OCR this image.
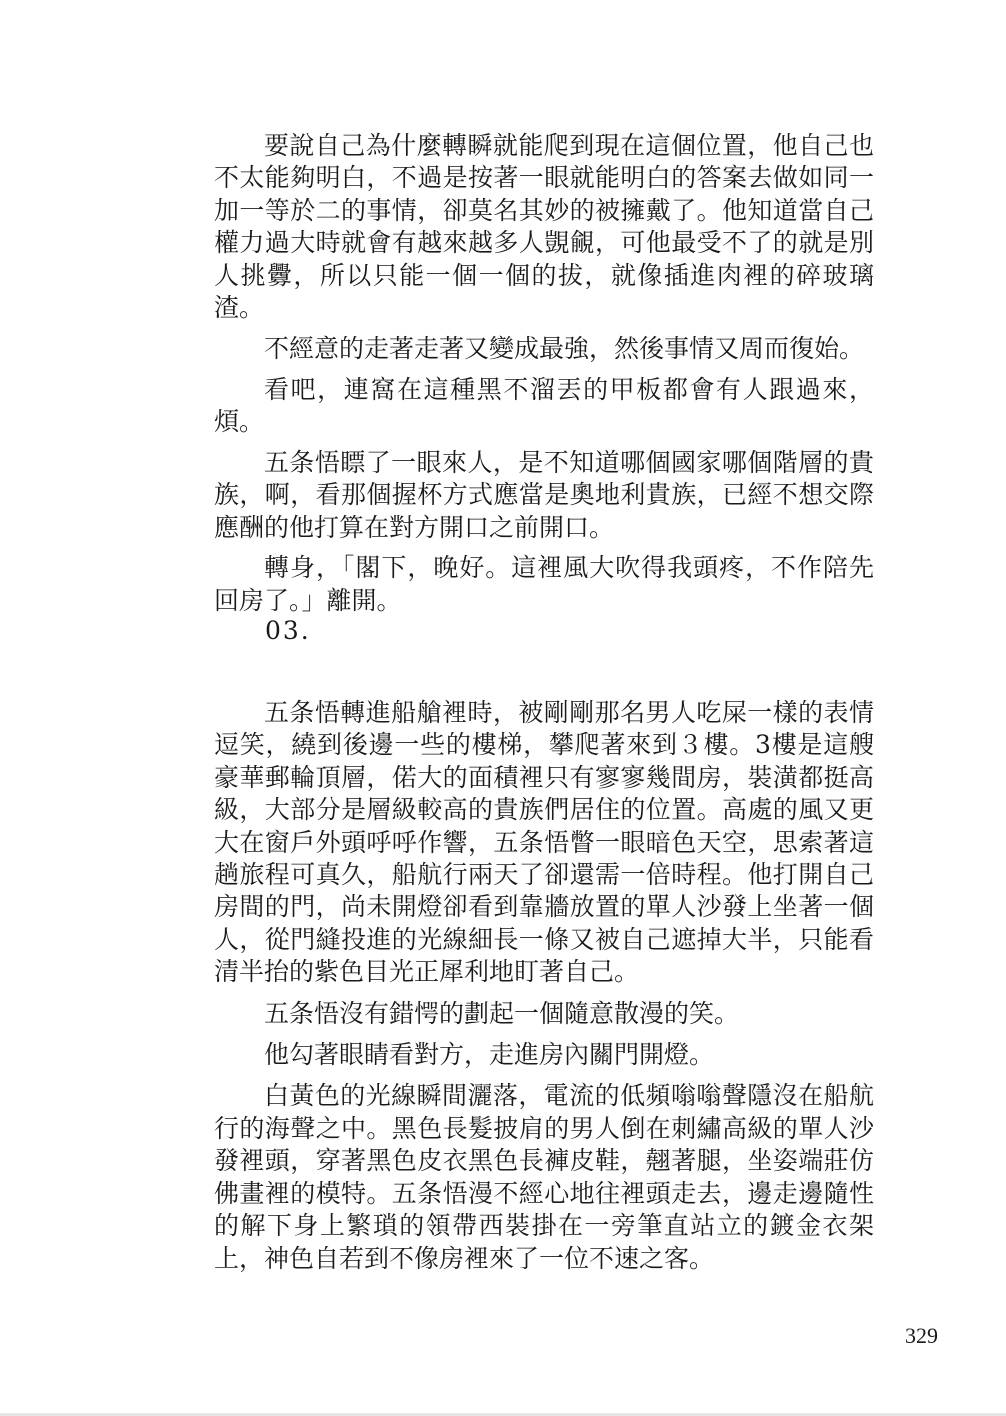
要說自己為什麼轉瞬就能爬到現在這個位置，他自己也不太能夠明白，不過是按著一眼就能明白的答案去做如同一加一等於二的事情，卻莫名其妙的被擁戴了。他知道當自己權力過大時就會有越來越多人覬覦，可他最受不了的就是別人挑釁，所以只能一個一個的拔，就像插進肉裡的碎玻璃渣。

不經意的走著走著又變成最強，然後事情又周而復始。

看吧，連窩在這種黑不溜丟的甲板都會有人跟過來，煩。

五条悟瞟了一眼來人，是不知道哪個國家哪個階層的貴族，啊，看那個握杯方式應當是奧地利貴族，已經不想交際應酬的他打算在對方開口之前開口。

轉身，「閣下，晚好。這裡風大吹得我頭疼，不作陪先回房了。」離開。

03.

五条悟轉進船艙裡時，被剛剛那名男人吃屎一樣的表情逗笑，繞到後邊一些的樓梯，攀爬著來到３樓。3樓是這艘豪華郵輪頂層，偌大的面積裡只有寥寥幾間房，裝潢都挺高級，大部分是層級較高的貴族們居住的位置。高處的風又更大在窗戶外頭呼呼作響，五条悟瞥一眼暗色天空，思索著這趟旅程可真久，船航行兩天了卻還需一倍時程。他打開自己房間的門，尚未開燈卻看到靠牆放置的單人沙發上坐著一個人，從門縫投進的光線細長一條又被自己遮掉大半，只能看清半抬的紫色目光正犀利地盯著自己。

五条悟沒有錯愕的劃起一個隨意散漫的笑。

他勾著眼睛看對方，走進房內關門開燈。

白黃色的光線瞬間灑落，電流的低頻嗡嗡聲隱沒在船航行的海聲之中。黑色長髮披肩的男人倒在刺繡高級的單人沙發裡頭，穿著黑色皮衣黑色長褲皮鞋，翹著腿，坐姿端莊仿佛畫裡的模特。五条悟漫不經心地往裡頭走去，邊走邊隨性的解下身上繁瑣的領帶西裝掛在一旁筆直站立的鍍金衣架上，神色自若到不像房裡來了一位不速之客。

329
